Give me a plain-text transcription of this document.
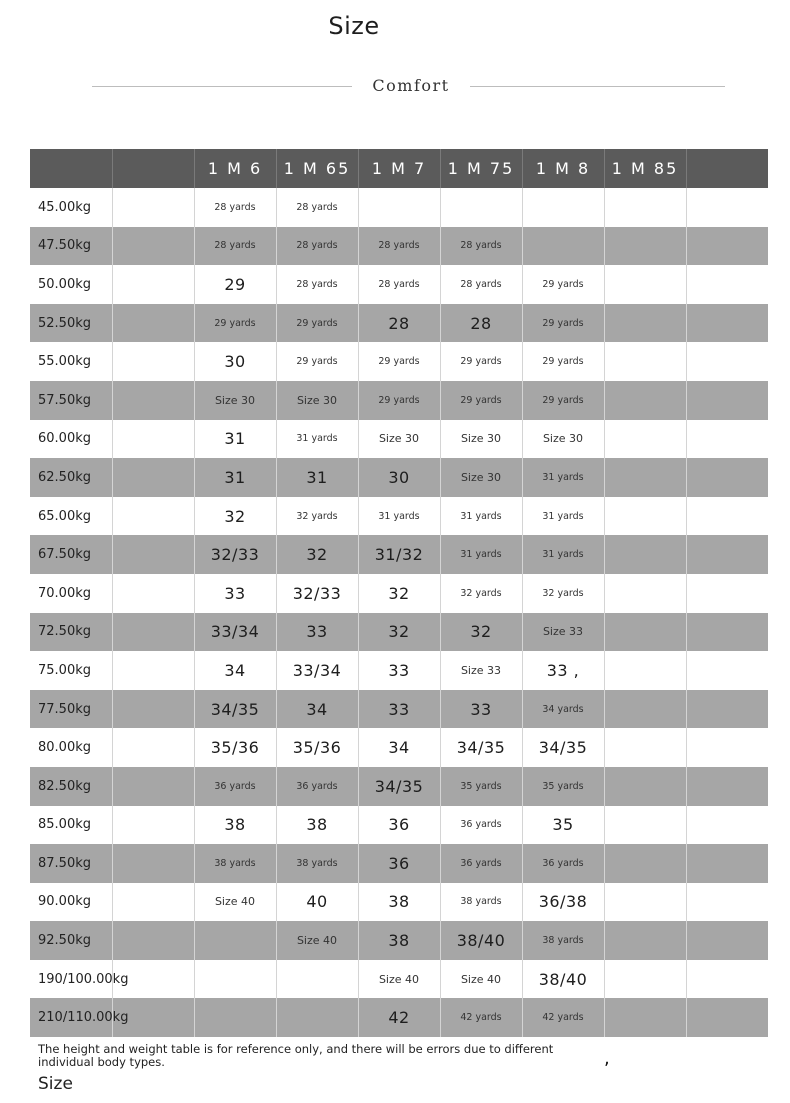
Size
Comfort
		1 M 6	1 M 65	1 M 7	1 M 75	1 M 8	1 M 85	
45.00kg		28 yards	28 yards					
47.50kg		28 yards	28 yards	28 yards	28 yards			
50.00kg		29	28 yards	28 yards	28 yards	29 yards		
52.50kg		29 yards	29 yards	28	28	29 yards		
55.00kg		30	29 yards	29 yards	29 yards	29 yards		
57.50kg		Size 30	Size 30	29 yards	29 yards	29 yards		
60.00kg		31	31 yards	Size 30	Size 30	Size 30		
62.50kg		31	31	30	Size 30	31 yards		
65.00kg		32	32 yards	31 yards	31 yards	31 yards		
67.50kg		32/33	32	31/32	31 yards	31 yards		
70.00kg		33	32/33	32	32 yards	32 yards		
72.50kg		33/34	33	32	32	Size 33		
75.00kg		34	33/34	33	Size 33	33 ,		
77.50kg		34/35	34	33	33	34 yards		
80.00kg		35/36	35/36	34	34/35	34/35		
82.50kg		36 yards	36 yards	34/35	35 yards	35 yards		
85.00kg		38	38	36	36 yards	35		
87.50kg		38 yards	38 yards	36	36 yards	36 yards		
90.00kg		Size 40	40	38	38 yards	36/38		
92.50kg			Size 40	38	38/40	38 yards		
190/100.00kg				Size 40	Size 40	38/40		
210/110.00kg				42	42 yards	42 yards		
The height and weight table is for reference only, and there will be errors due to different individual body types.	,
Size
